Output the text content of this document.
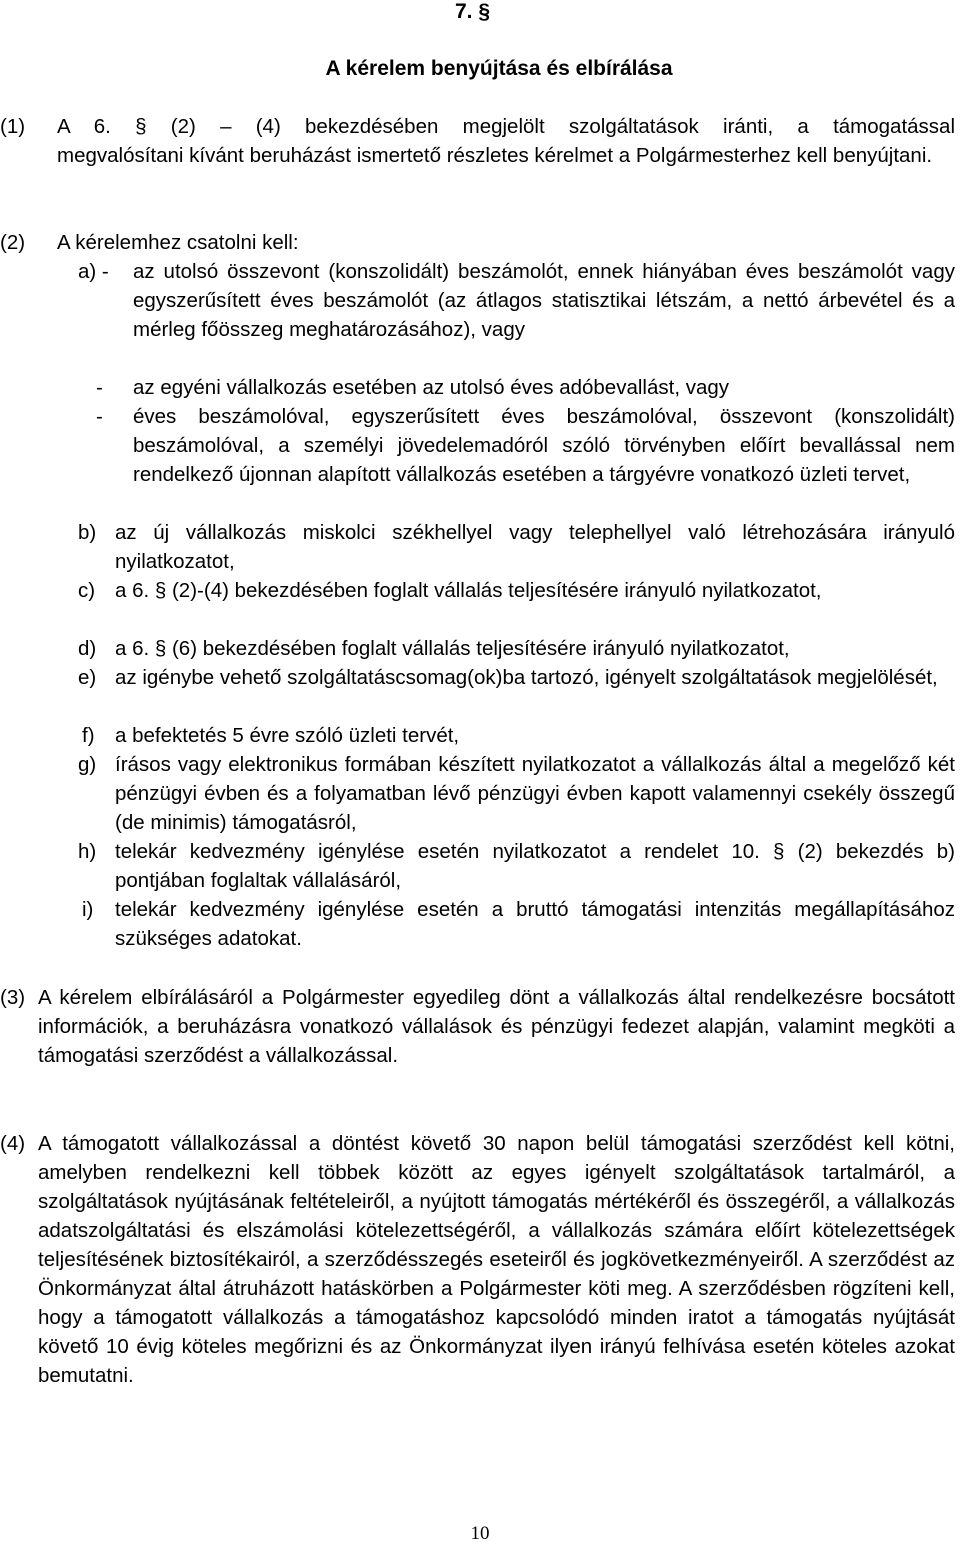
7. §
A kérelem benyújtása és elbírálása
(1) A 6. § (2) – (4) bekezdésében megjelölt szolgáltatások iránti, a támogatással
megvalósítani kívánt beruházást ismertető részletes kérelmet a Polgármesterhez kell benyújtani.
(2) A kérelemhez csatolni kell:
a) - az utolsó összevont (konszolidált) beszámolót, ennek hiányában éves beszámolót vagy egyszerűsített éves beszámolót (az átlagos statisztikai létszám, a nettó árbevétel és a mérleg főösszeg meghatározásához), vagy
- az egyéni vállalkozás esetében az utolsó éves adóbevallást, vagy
- éves beszámolóval, egyszerűsített éves beszámolóval, összevont (konszolidált) beszámolóval, a személyi jövedelemadóról szóló törvényben előírt bevallással nem rendelkező újonnan alapított vállalkozás esetében a tárgyévre vonatkozó üzleti tervet,
b) az új vállalkozás miskolci székhellyel vagy telephellyel való létrehozására irányuló nyilatkozatot,
c) a 6. § (2)-(4) bekezdésében foglalt vállalás teljesítésére irányuló nyilatkozatot,
d) a 6. § (6) bekezdésében foglalt vállalás teljesítésére irányuló nyilatkozatot,
e) az igénybe vehető szolgáltatáscsomag(ok)ba tartozó, igényelt szolgáltatások megjelölését,
f) a befektetés 5 évre szóló üzleti tervét,
g) írásos vagy elektronikus formában készített nyilatkozatot a vállalkozás által a megelőző két pénzügyi évben és a folyamatban lévő pénzügyi évben kapott valamennyi csekély összegű (de minimis) támogatásról,
h) telekár kedvezmény igénylése esetén nyilatkozatot a rendelet 10. § (2) bekezdés b) pontjában foglaltak vállalásáról,
i) telekár kedvezmény igénylése esetén a bruttó támogatási intenzitás megállapításához szükséges adatokat.
(3) A kérelem elbírálásáról a Polgármester egyedileg dönt a vállalkozás által rendelkezésre bocsátott információk, a beruházásra vonatkozó vállalások és pénzügyi fedezet alapján, valamint megköti a támogatási szerződést a vállalkozással.
(4) A támogatott vállalkozással a döntést követő 30 napon belül támogatási szerződést kell kötni, amelyben rendelkezni kell többek között az egyes igényelt szolgáltatások tartalmáról, a szolgáltatások nyújtásának feltételeiről, a nyújtott támogatás mértékéről és összegéről, a vállalkozás adatszolgáltatási és elszámolási kötelezettségéről, a vállalkozás számára előírt kötelezettségek teljesítésének biztosítékairól, a szerződésszegés eseteiről és jogkövetkezményeiről. A szerződést az Önkormányzat által átruházott hatáskörben a Polgármester köti meg. A szerződésben rögzíteni kell, hogy a támogatott vállalkozás a támogatáshoz kapcsolódó minden iratot a támogatás nyújtását követő 10 évig köteles megőrizni és az Önkormányzat ilyen irányú felhívása esetén köteles azokat bemutatni.
10
